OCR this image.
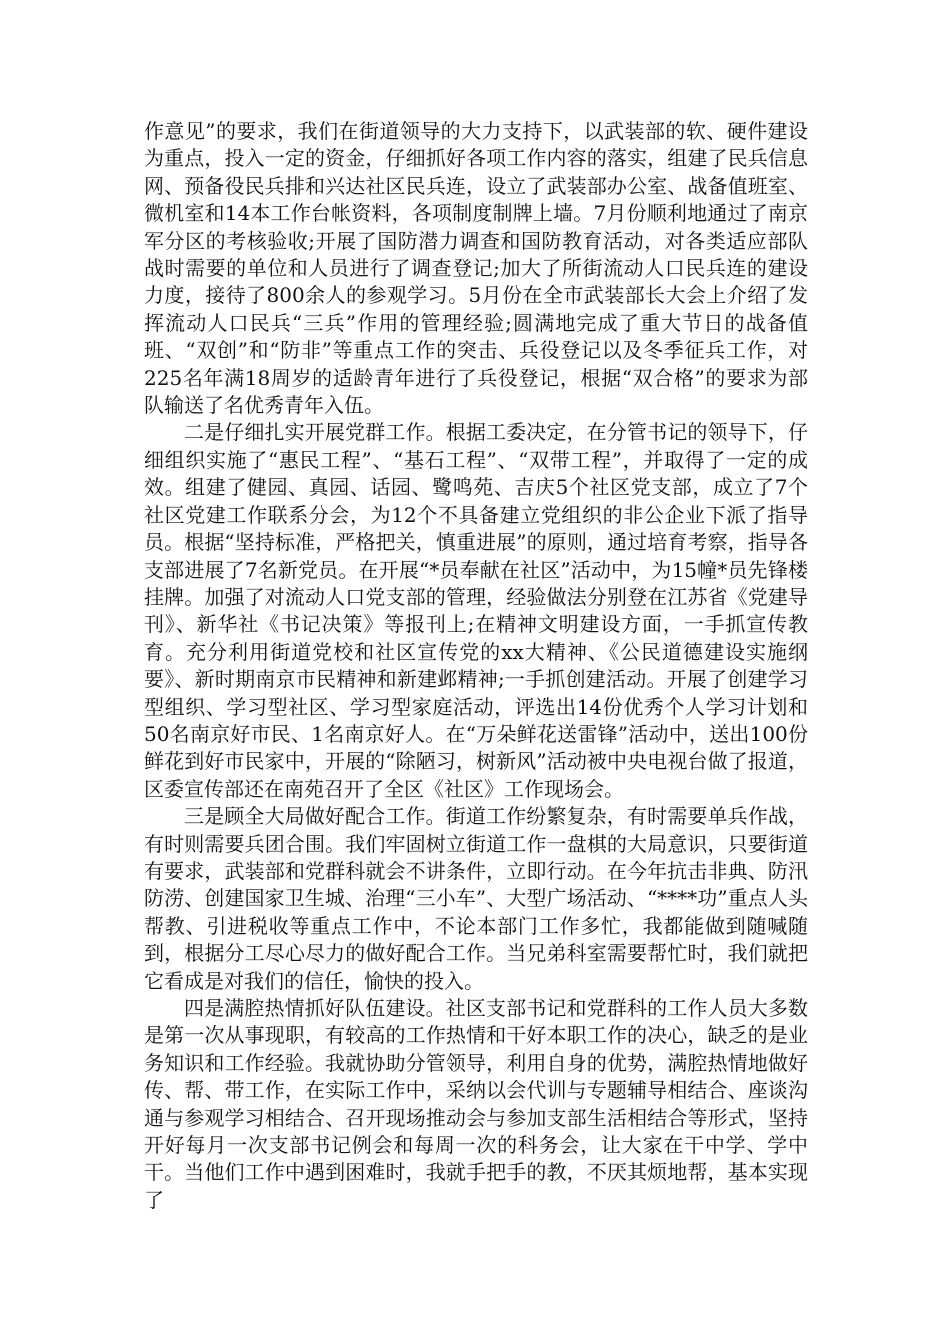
作意见”的要求，我们在街道领导的大力支持下，以武装部的软、硬件建设为重点，投入一定的资金，仔细抓好各项工作内容的落实，组建了民兵信息网、预备役民兵排和兴达社区民兵连，设立了武装部办公室、战备值班室、微机室和14本工作台帐资料，各项制度制牌上墙。7月份顺利地通过了南京军分区的考核验收;开展了国防潜力调查和国防教育活动，对各类适应部队战时需要的单位和人员进行了调查登记;加大了所街流动人口民兵连的建设力度，接待了800余人的参观学习。5月份在全市武装部长大会上介绍了发挥流动人口民兵“三兵”作用的管理经验;圆满地完成了重大节日的战备值班、“双创”和“防非”等重点工作的突击、兵役登记以及冬季征兵工作，对225名年满18周岁的适龄青年进行了兵役登记，根据“双合格”的要求为部队输送了名优秀青年入伍。

二是仔细扎实开展党群工作。根据工委决定，在分管书记的领导下，仔细组织实施了“惠民工程”、“基石工程”、“双带工程”，并取得了一定的成效。组建了健园、真园、话园、鹭鸣苑、吉庆5个社区党支部，成立了7个社区党建工作联系分会，为12个不具备建立党组织的非公企业下派了指导员。根据“坚持标准，严格把关，慎重进展”的原则，通过培育考察，指导各支部进展了7名新党员。在开展“*员奉献在社区”活动中，为15幢*员先锋楼挂牌。加强了对流动人口党支部的管理，经验做法分别登在江苏省《党建导刊》、新华社《书记决策》等报刊上;在精神文明建设方面，一手抓宣传教育。充分利用街道党校和社区宣传党的xx大精神、《公民道德建设实施纲要》、新时期南京市民精神和新建邺精神;一手抓创建活动。开展了创建学习型组织、学习型社区、学习型家庭活动，评选出14份优秀个人学习计划和50名南京好市民、1名南京好人。在“万朵鲜花送雷锋”活动中，送出100份鲜花到好市民家中，开展的“除陋习，树新风”活动被中央电视台做了报道，区委宣传部还在南苑召开了全区《社区》工作现场会。

三是顾全大局做好配合工作。街道工作纷繁复杂，有时需要单兵作战，有时则需要兵团合围。我们牢固树立街道工作一盘棋的大局意识，只要街道有要求，武装部和党群科就会不讲条件，立即行动。在今年抗击非典、防汛防涝、创建国家卫生城、治理“三小车”、大型广场活动、“****功”重点人头帮教、引进税收等重点工作中，不论本部门工作多忙，我都能做到随喊随到，根据分工尽心尽力的做好配合工作。当兄弟科室需要帮忙时，我们就把它看成是对我们的信任，愉快的投入。

四是满腔热情抓好队伍建设。社区支部书记和党群科的工作人员大多数是第一次从事现职，有较高的工作热情和干好本职工作的决心，缺乏的是业务知识和工作经验。我就协助分管领导，利用自身的优势，满腔热情地做好传、帮、带工作，在实际工作中，采纳以会代训与专题辅导相结合、座谈沟通与参观学习相结合、召开现场推动会与参加支部生活相结合等形式，坚持开好每月一次支部书记例会和每周一次的科务会，让大家在干中学、学中干。当他们工作中遇到困难时，我就手把手的教，不厌其烦地帮，基本实现了
